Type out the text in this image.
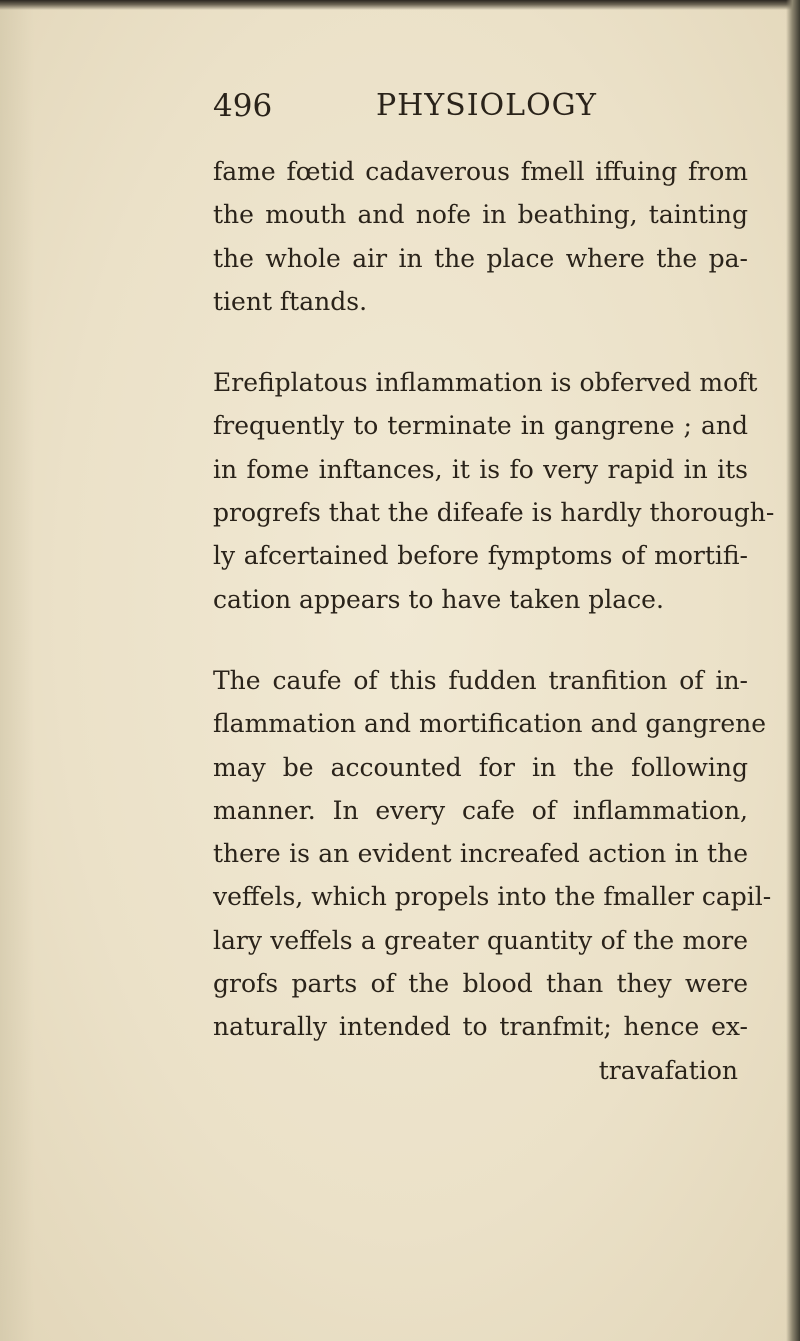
496	PHYSIOLOGY
fame fœtid cadaverous fmell iffuing from
the mouth and nofe in beathing, tainting
the whole air in the place where the pa-
tient ftands.
Erefiplatous inflammation is obferved moft
frequently to terminate in gangrene ; and
in fome inftances, it is fo very rapid in its
progrefs that the difeafe is hardly thorough-
ly afcertained before fymptoms of mortifi-
cation appears to have taken place.
The caufe of this fudden tranfition of in-
flammation and mortification and gangrene
may be accounted for in the following
manner. In every cafe of inflammation,
there is an evident increafed action in the
veffels, which propels into the fmaller capil-
lary veffels a greater quantity of the more
grofs parts of the blood than they were
naturally intended to tranfmit; hence ex-
travafation
